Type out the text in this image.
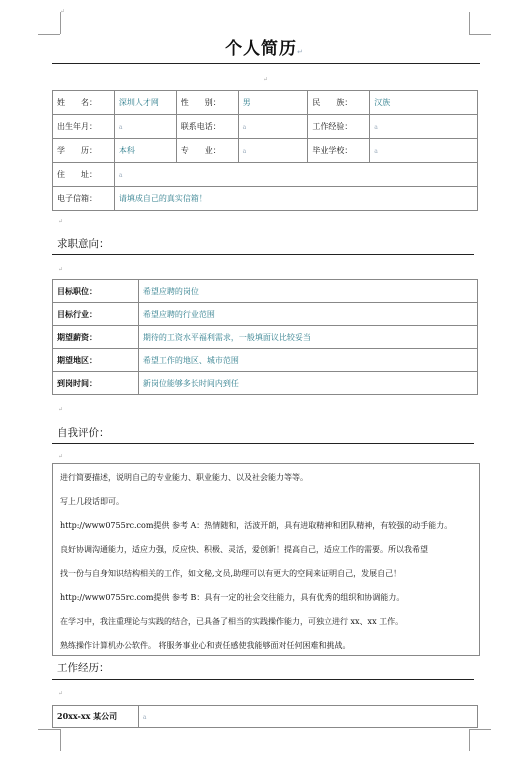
↵
个人简历↵
↵
姓　　名：	深圳人才网	性　　别：	男	民　　族：	汉族
出生年月：	a	联系电话：	a	工作经验：	a
学　　历：	本科	专　　业：	a	毕业学校：	a
住　　址：	a				
电子信箱：	请填成自己的真实信箱！				
↵
求职意向：
↵
目标职位：	希望应聘的岗位
目标行业：	希望应聘的行业范围
期望薪资：	期待的工资水平福利需求，一般填面议比较妥当
期望地区：	希望工作的地区、城市范围
到岗时间：	新岗位能够多长时间内到任
↵
自我评价：
↵

进行简要描述，说明自己的专业能力、职业能力、以及社会能力等等。

写上几段话即可。

http://www0755rc.com提供 参考 A：热情随和，活波开朗，具有进取精神和团队精神，有较强的动手能力。

良好协调沟通能力，适应力强，反应快、积极、灵活，爱创新！提高自己，适应工作的需要。所以我希望

找一份与自身知识结构相关的工作，如文秘,文员,助理可以有更大的空间来证明自己，发展自己！

http://www0755rc.com提供 参考 B：具有一定的社会交往能力，具有优秀的组织和协调能力。

在学习中，我注重理论与实践的结合，已具备了相当的实践操作能力，可独立进行 xx、xx 工作。

熟练操作计算机办公软件。 将服务事业心和责任感使我能够面对任何困难和挑战。

工作经历：
↵
20xx-xx 某公司	a
